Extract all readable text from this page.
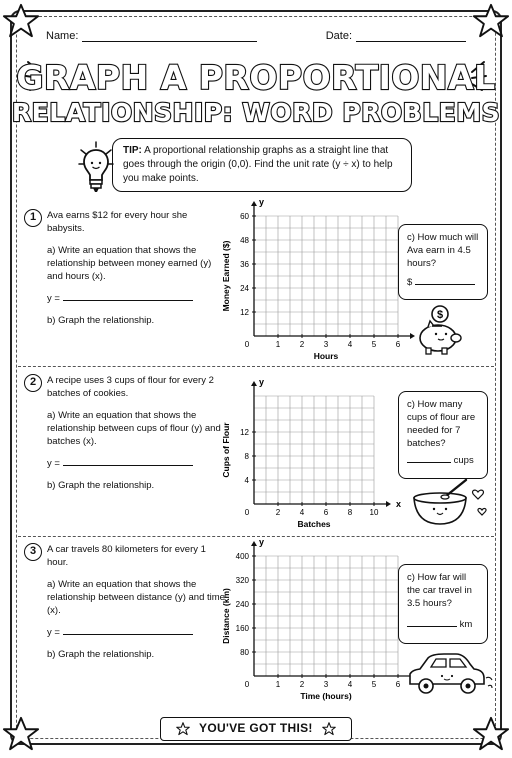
Name:	Date:
GRAPH A PROPORTIONAL
RELATIONSHIP: WORD PROBLEMS
TIP: A proportional relationship graphs as a straight line that goes through the origin (0,0). Find the unit rate (y ÷ x) to help you make points.
1	Ava earns $12 for every hour she babysits.

a) Write an equation that shows the relationship between money earned (y) and hours (x).

y =

b) Graph the relationship.

y
0	1 2 3 4 5 6
12
24
36
48
60
Hours
Money Earned ($)
c) How much will Ava earn in 4.5 hours?
$
$
2	A recipe uses 3 cups of flour for every 2 batches of cookies.

a) Write an equation that shows the relationship between cups of flour (y) and batches (x).

y =

b) Graph the relationship.

x
y
0	2 4 6 8 10
4
8
12
Batches
Cups of Flour
c) How many cups of flour are needed for 7 batches?
cups
3	A car travels 80 kilometers for every 1 hour.

a) Write an equation that shows the relationship between distance (y) and time (x).

y =

b) Graph the relationship.

y
0	1 2 3 4 5 6
80
160
240
320
400
Time (hours)
Distance (km)
c) How far will the car travel in 3.5 hours?
km
YOU'VE GOT THIS!
